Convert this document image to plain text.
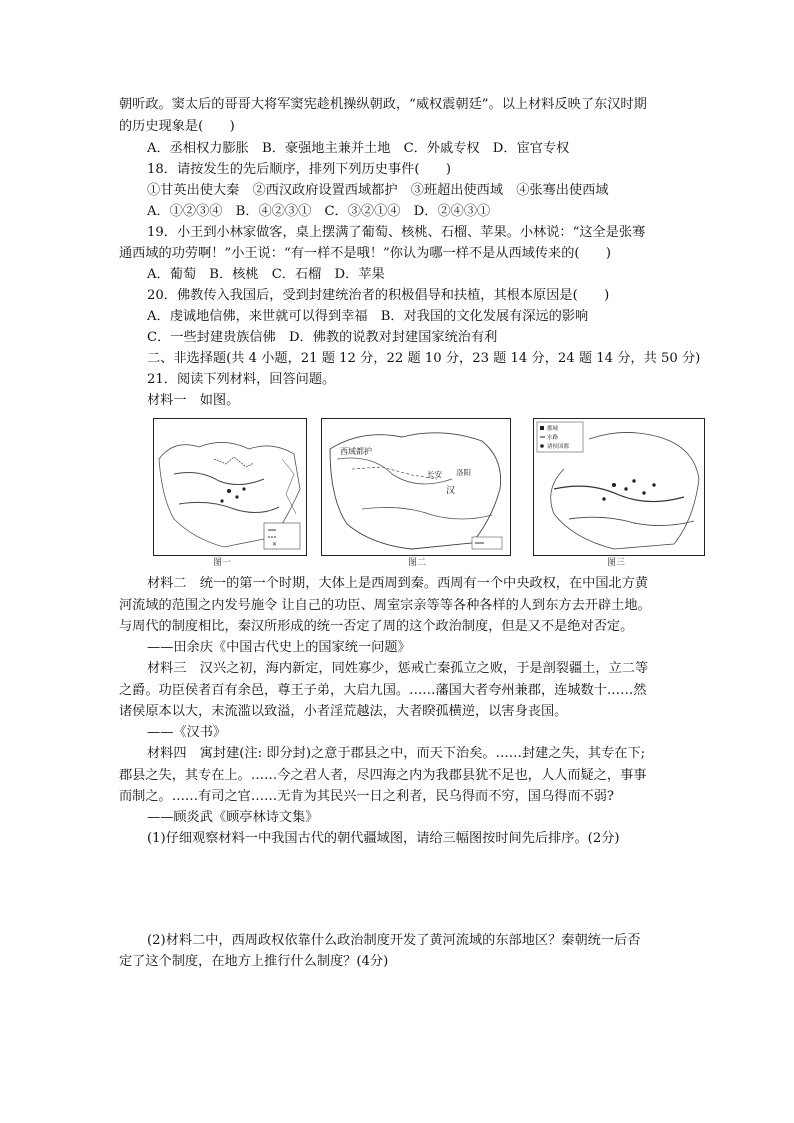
朝听政。窦太后的哥哥大将军窦宪趁机操纵朝政，“威权震朝廷”。以上材料反映了东汉时期
的历史现象是(　　)
A．丞相权力膨胀　B．豪强地主兼并土地　C．外戚专权　D．宦官专权
18．请按发生的先后顺序，排列下列历史事件(　　)
①甘英出使大秦　②西汉政府设置西域都护　③班超出使西域　④张骞出使西域
A．①②③④　B．④②③①　C．③②①④　D．②④③①
19．小王到小林家做客，桌上摆满了葡萄、核桃、石榴、苹果。小林说：“这全是张骞
通西域的功劳啊！”小王说：“有一样不是哦！”你认为哪一样不是从西域传来的(　　)
A．葡萄　B．核桃　C．石榴　D．苹果
20．佛教传入我国后，受到封建统治者的积极倡导和扶植，其根本原因是(　　)
A．虔诚地信佛，来世就可以得到幸福　B．对我国的文化发展有深远的影响
C．一些封建贵族信佛　D．佛教的说教对封建国家统治有利
二、非选择题(共 4 小题，21 题 12 分，22 题 10 分，23 题 14 分，24 题 14 分，共 50 分)
21．阅读下列材料，回答问题。
材料一　如图。
✕
西域都护
长安 洛阳
汉
都城
水路
诸侯国都
图一	图二	图三
材料二　统一的第一个时期，大体上是西周到秦。西周有一个中央政权，在中国北方黄
河流域的范围之内发号施令 让自己的功臣、周室宗亲等等各种各样的人到东方去开辟土地。
与周代的制度相比，秦汉所形成的统一否定了周的这个政治制度，但是又不是绝对否定。
——田余庆《中国古代史上的国家统一问题》
材料三　汉兴之初，海内新定，同姓寡少，惩戒亡秦孤立之败，于是剖裂疆土，立二等
之爵。功臣侯者百有余邑，尊王子弟，大启九国。……藩国大者夸州兼郡，连城数十……然
诸侯原本以大，末流滥以致溢，小者淫荒越法，大者睽孤横逆，以害身丧国。
——《汉书》
材料四　寓封建(注: 即分封)之意于郡县之中，而天下治矣。……封建之失，其专在下;
郡县之失，其专在上。……今之君人者，尽四海之内为我郡县犹不足也，人人而疑之，事事
而制之。……有司之官……无肯为其民兴一日之利者，民乌得而不穷，国乌得而不弱?
——顾炎武《顾亭林诗文集》
(1)仔细观察材料一中我国古代的朝代疆域图，请给三幅图按时间先后排序。(2分)
(2)材料二中，西周政权依靠什么政治制度开发了黄河流域的东部地区？秦朝统一后否
定了这个制度，在地方上推行什么制度？(4分)
